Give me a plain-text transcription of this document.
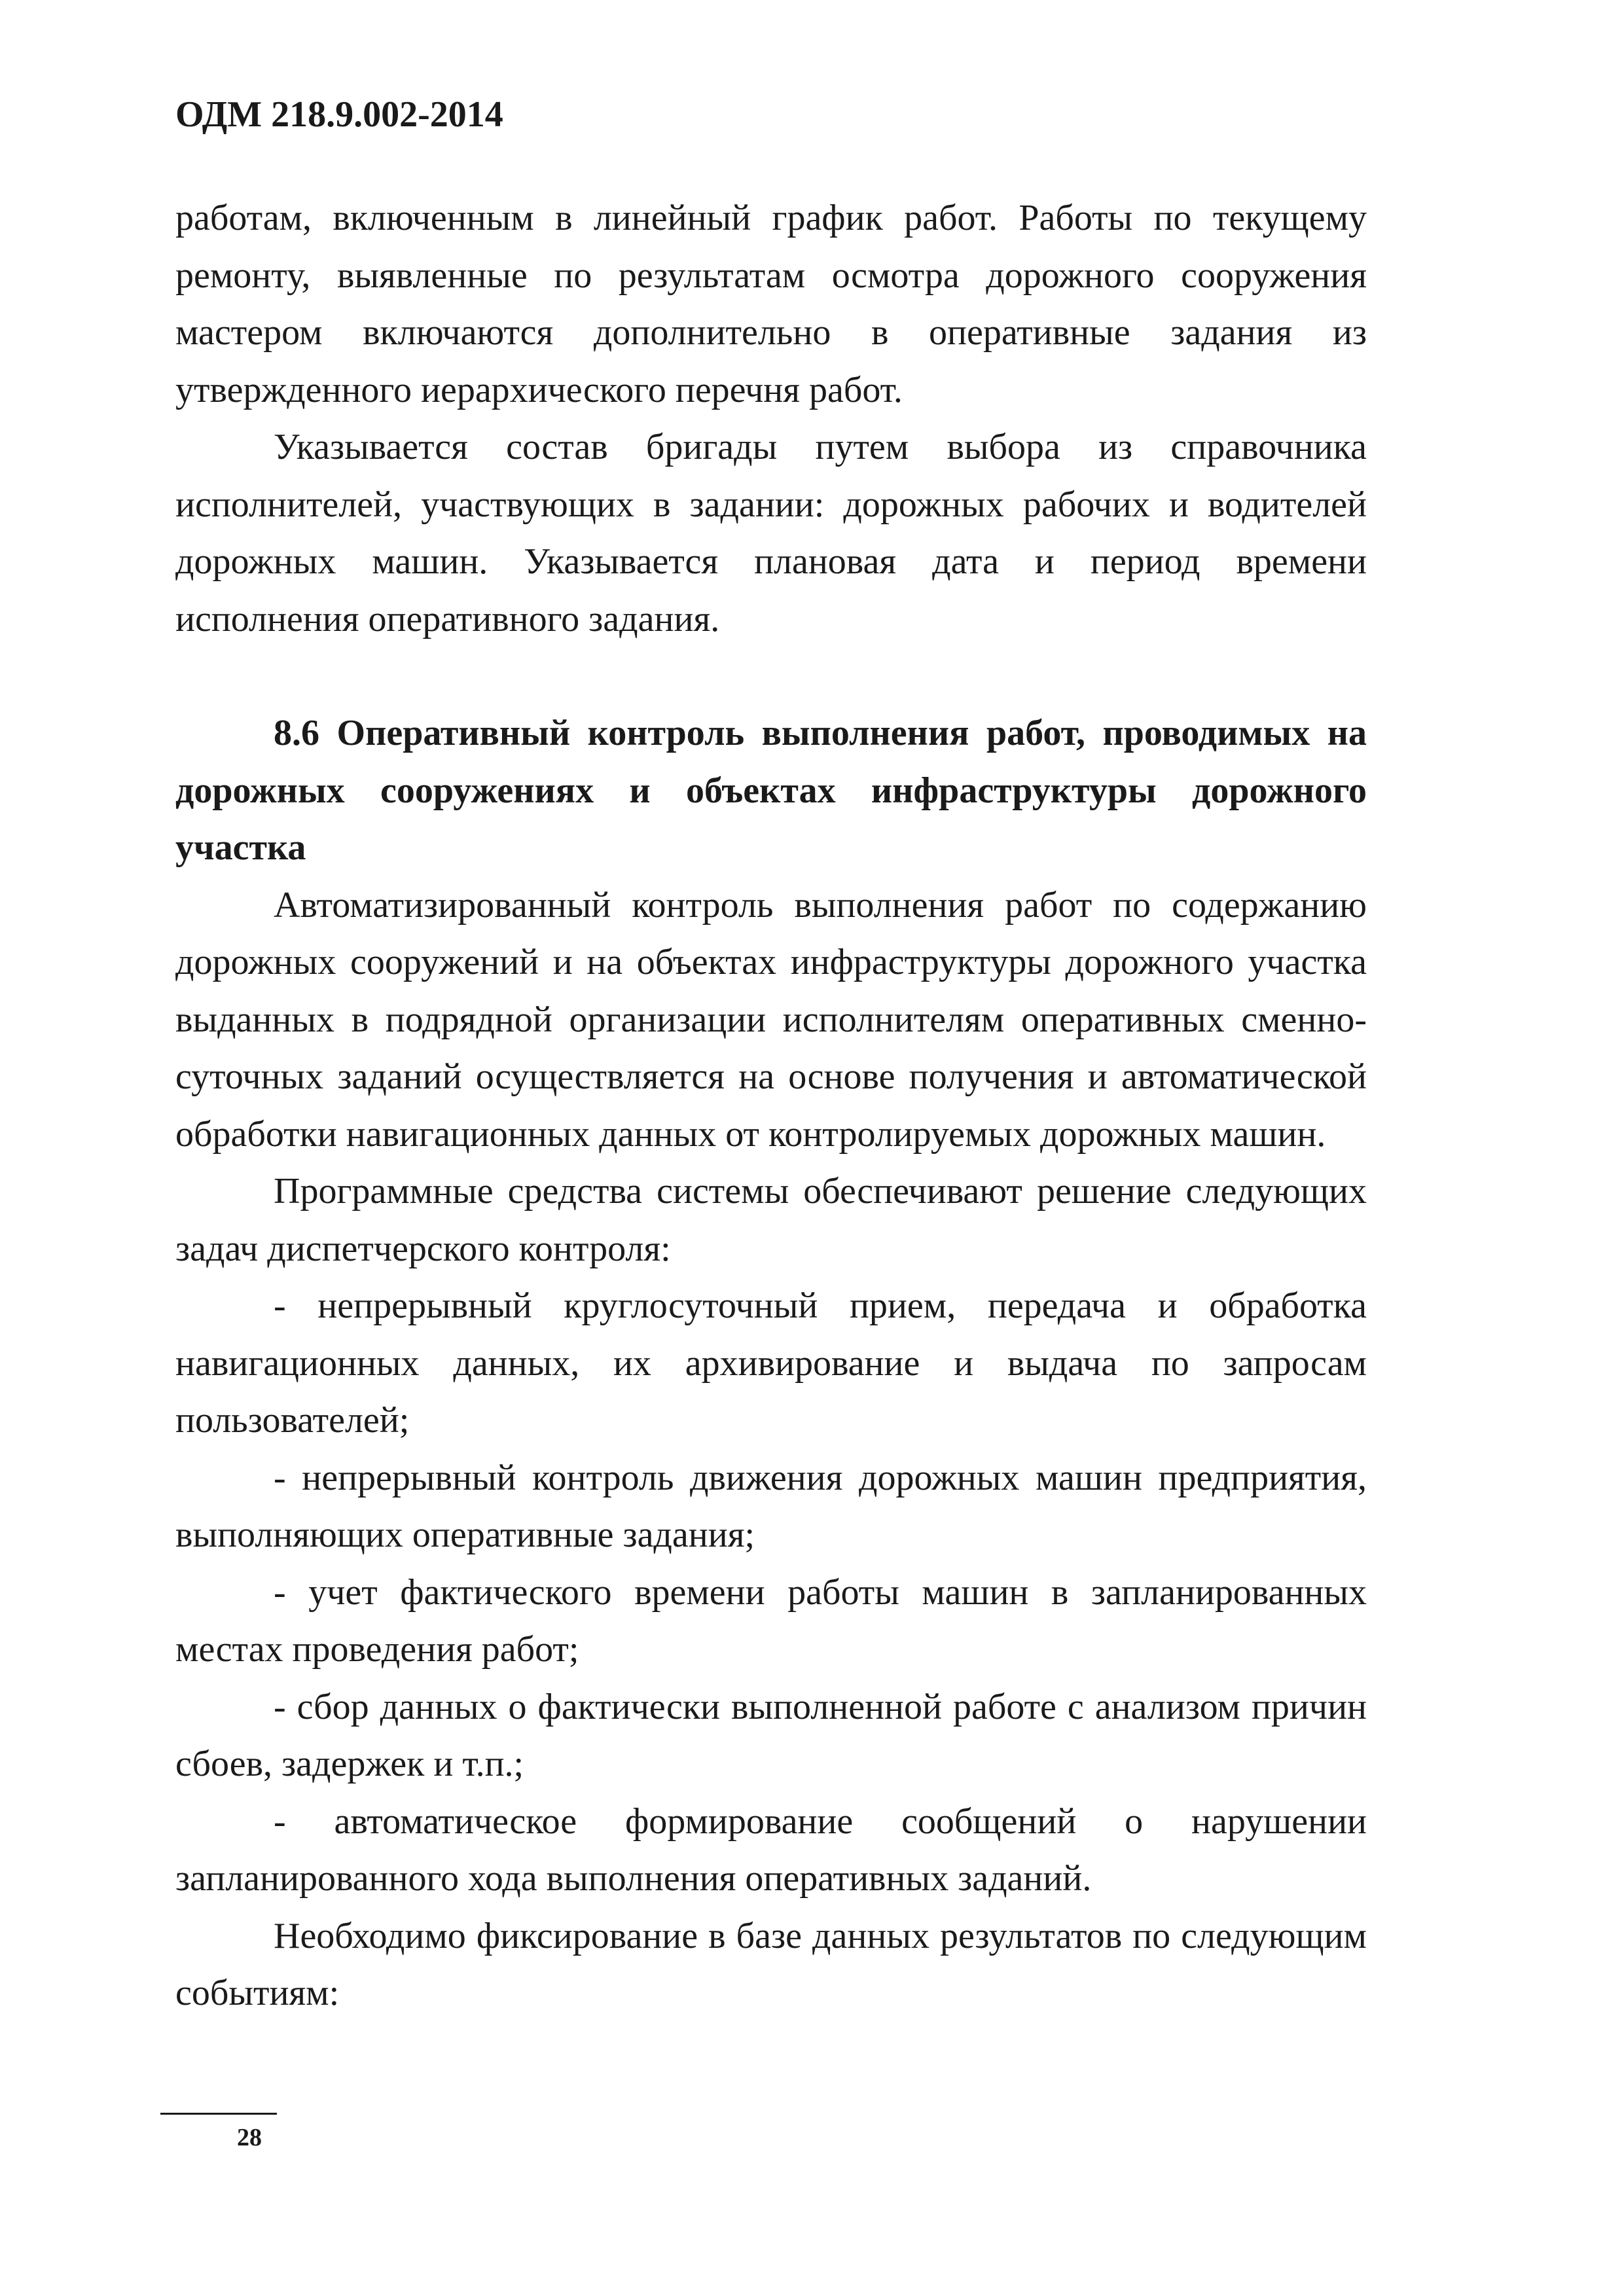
ОДМ 218.9.002-2014

работам, включенным в линейный график работ. Работы по текущему ремонту, выявленные по результатам осмотра дорожного сооружения мастером включаются дополнительно в оперативные задания из утвержденного иерархического перечня работ.

Указывается состав бригады путем выбора из справочника исполнителей, участвующих в задании: дорожных рабочих и водителей дорожных машин. Указывается плановая дата и период времени исполнения оперативного задания.

8.6 Оперативный контроль выполнения работ, проводимых на дорожных сооружениях и объектах инфраструктуры дорожного участка

Автоматизированный контроль выполнения работ по содержанию дорожных сооружений и на объектах инфраструктуры дорожного участка выданных в подрядной организации исполнителям оперативных сменно-суточных заданий осуществляется на основе получения и автоматической обработки навигационных данных от контролируемых дорожных машин.

Программные средства системы обеспечивают решение следующих задач диспетчерского контроля:

- непрерывный круглосуточный прием, передача и обработка навигационных данных, их архивирование и выдача по запросам пользователей;

- непрерывный контроль движения дорожных машин предприятия, выполняющих оперативные задания;

- учет фактического времени работы машин в запланированных местах проведения работ;

- сбор данных о фактически выполненной работе с анализом причин сбоев, задержек и т.п.;

- автоматическое формирование сообщений о нарушении запланированного хода выполнения оперативных заданий.

Необходимо фиксирование в базе данных результатов по следующим событиям:

28
